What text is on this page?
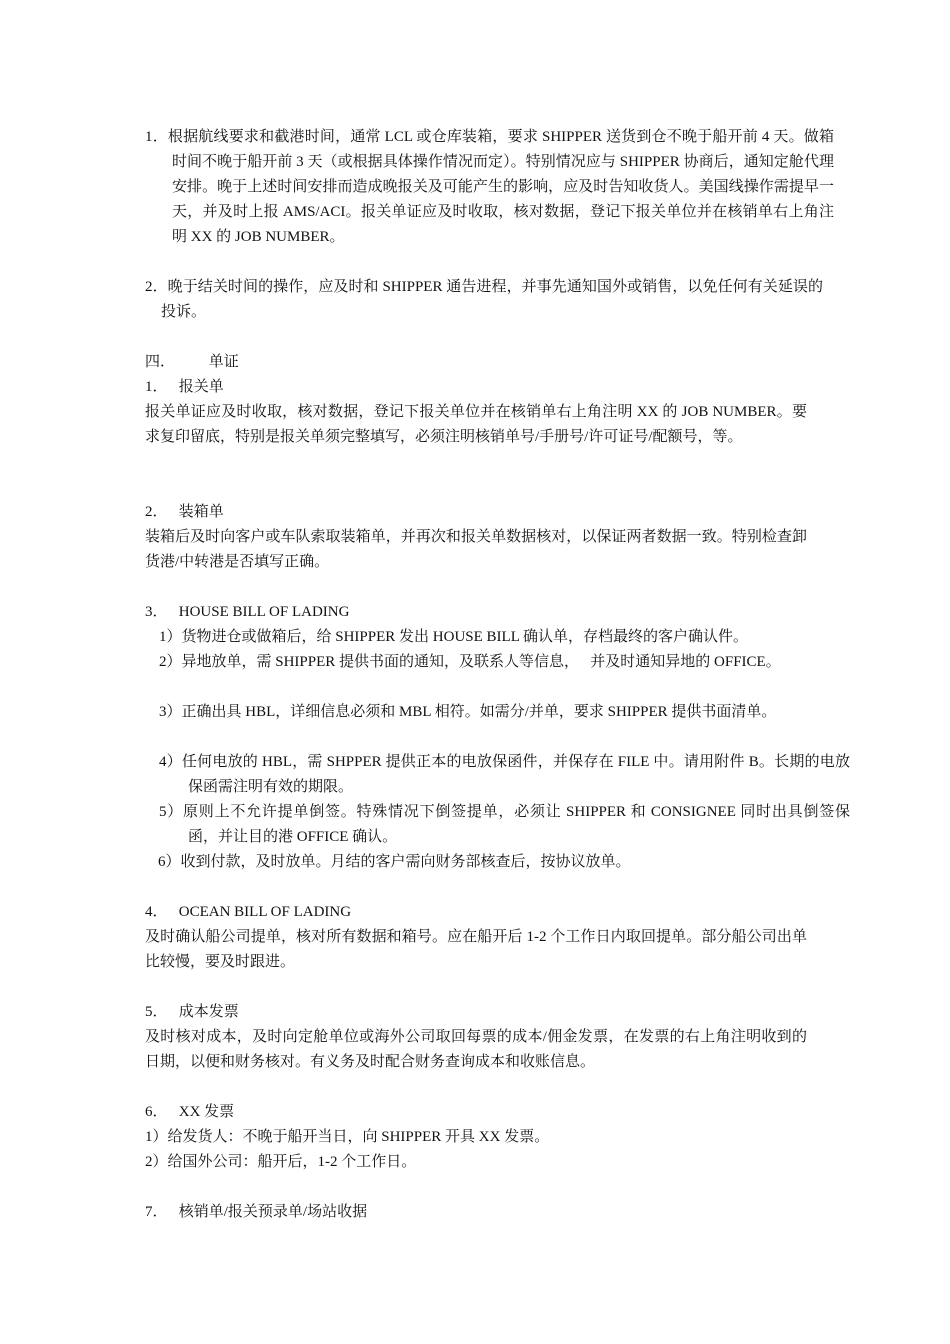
1．根据航线要求和截港时间，通常 LCL 或仓库装箱，要求 SHIPPER 送货到仓不晚于船开前 4 天。做箱时间不晚于船开前 3 天（或根据具体操作情况而定）。特别情况应与 SHIPPER 协商后，通知定舱代理安排。晚于上述时间安排而造成晚报关及可能产生的影响，应及时告知收货人。美国线操作需提早一天，并及时上报 AMS/ACI。报关单证应及时收取，核对数据，登记下报关单位并在核销单右上角注明 XX 的 JOB NUMBER。
2．晚于结关时间的操作，应及时和 SHIPPER 通告进程，并事先通知国外或销售，以免任何有关延误的投诉。
四．         单证
1．   报关单
报关单证应及时收取，核对数据，登记下报关单位并在核销单右上角注明 XX 的 JOB NUMBER。要求复印留底，特别是报关单须完整填写，必须注明核销单号/手册号/许可证号/配额号，等。
2．   装箱单
装箱后及时向客户或车队索取装箱单，并再次和报关单数据核对，以保证两者数据一致。特别检查卸货港/中转港是否填写正确。
3．   HOUSE BILL OF LADING
1）货物进仓或做箱后，给 SHIPPER 发出 HOUSE BILL 确认单，存档最终的客户确认件。
2）异地放单，需 SHIPPER 提供书面的通知，及联系人等信息，   并及时通知异地的 OFFICE。
3）正确出具 HBL，详细信息必须和 MBL 相符。如需分/并单，要求 SHIPPER 提供书面清单。
4）任何电放的 HBL，需 SHPPER 提供正本的电放保函件，并保存在 FILE 中。请用附件 B。长期的电放保函需注明有效的期限。
5）原则上不允许提单倒签。特殊情况下倒签提单，必须让 SHIPPER 和 CONSIGNEE 同时出具倒签保函，并让目的港 OFFICE 确认。
6）收到付款，及时放单。月结的客户需向财务部核查后，按协议放单。
4．   OCEAN BILL OF LADING
及时确认船公司提单，核对所有数据和箱号。应在船开后 1-2 个工作日内取回提单。部分船公司出单比较慢，要及时跟进。
5．   成本发票
及时核对成本，及时向定舱单位或海外公司取回每票的成本/佣金发票，在发票的右上角注明收到的日期，以便和财务核对。有义务及时配合财务查询成本和收账信息。
6．   XX 发票
1）给发货人：不晚于船开当日，向 SHIPPER 开具 XX 发票。
2）给国外公司：船开后，1-2 个工作日。
7．   核销单/报关预录单/场站收据
